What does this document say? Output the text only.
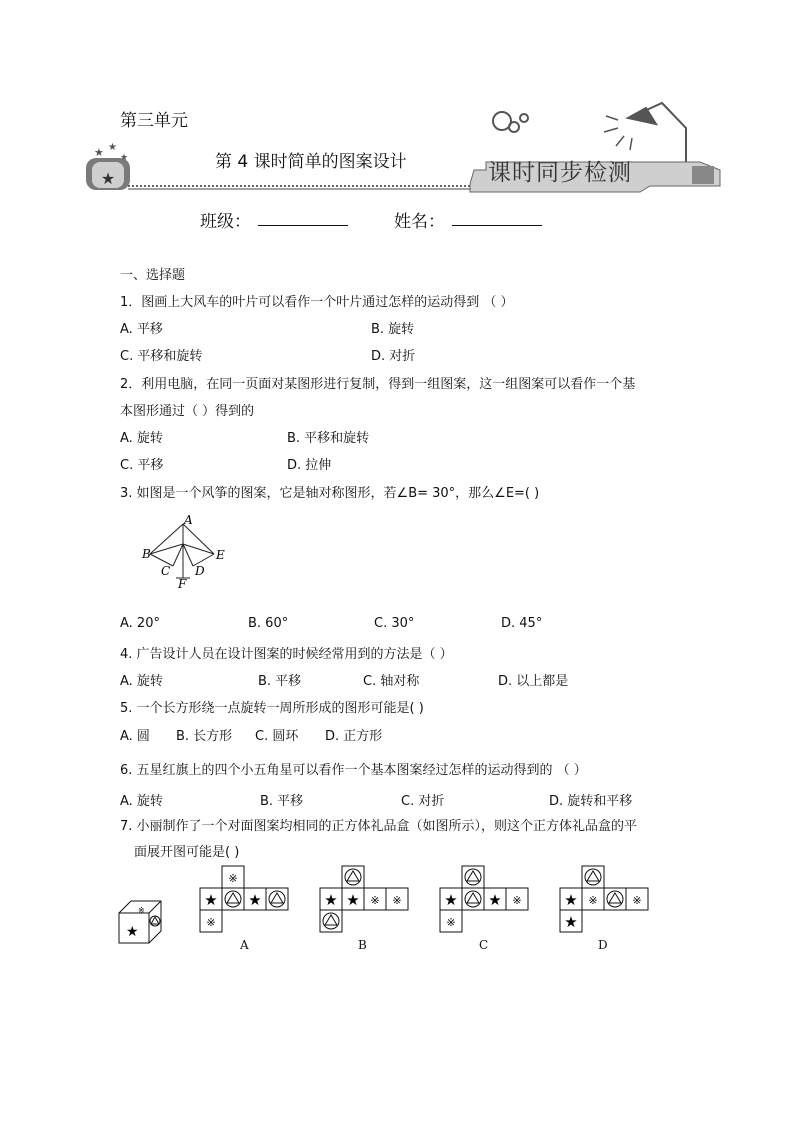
★
★ ★
★
第三单元
第 4 课时简单的图案设计	课时同步检测
班级：	姓名：
一、选择题
1．图画上大风车的叶片可以看作一个叶片通过怎样的运动得到 （ ）
A. 平移	B. 旋转
C. 平移和旋转	D. 对折
2．利用电脑，在同一页面对某图形进行复制，得到一组图案，这一组图案可以看作一个基
本图形通过（ ）得到的
A. 旋转	B. 平移和旋转
C. 平移	D. 拉伸
3. 如图是一个风筝的图案，它是轴对称图形，若∠B= 30°，那么∠E=( )
A
B
C D
E
F
A. 20°	B. 60°	C. 30°	D. 45°
4. 广告设计人员在设计图案的时候经常用到的方法是（ ）
A. 旋转	B. 平移	C. 轴对称	D. 以上都是
5. 一个长方形绕一点旋转一周所形成的图形可能是( )
A. 圆 B. 长方形 C. 圆环 D. 正方形
6. 五星红旗上的四个小五角星可以看作一个基本图案经过怎样的运动得到的 （ ）
A. 旋转	B. 平移	C. 对折	D. 旋转和平移
7. 小丽制作了一个对面图案均相同的正方体礼品盒（如图所示），则这个正方体礼品盒的平
面展开图可能是( )
★
※
※
★ ★
※
A
★ ★ ※ ※
B
★ ★ ※
※
C
★ ※	※
★
D
